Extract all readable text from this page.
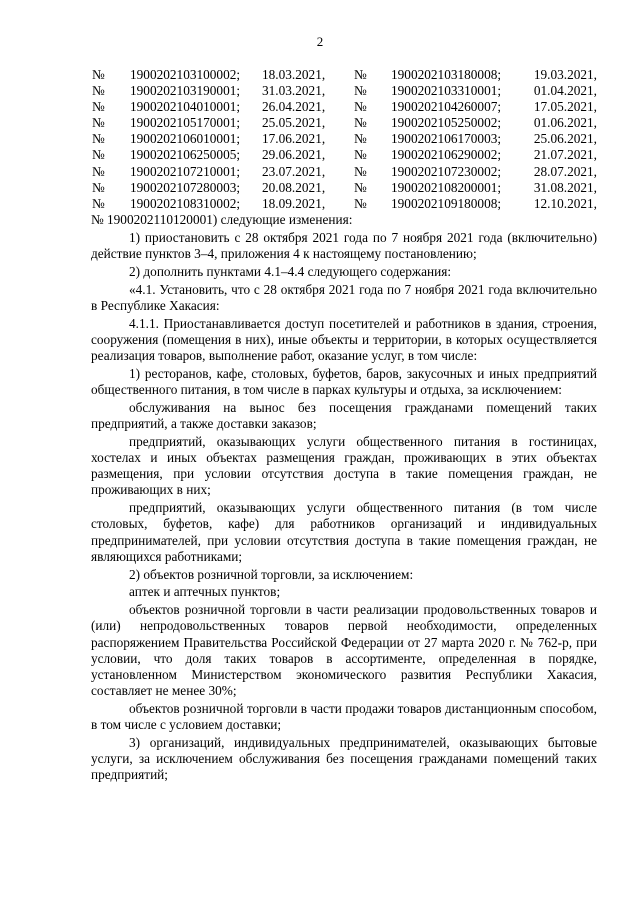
2
№ 1900202103100002; 18.03.2021, № 1900202103180008; 19.03.2021,
№ 1900202103190001; 31.03.2021, № 1900202103310001; 01.04.2021,
№ 1900202104010001; 26.04.2021, № 1900202104260007; 17.05.2021,
№ 1900202105170001; 25.05.2021, № 1900202105250002; 01.06.2021,
№ 1900202106010001; 17.06.2021, № 1900202106170003; 25.06.2021,
№ 1900202106250005; 29.06.2021, № 1900202106290002; 21.07.2021,
№ 1900202107210001; 23.07.2021, № 1900202107230002; 28.07.2021,
№ 1900202107280003; 20.08.2021, № 1900202108200001; 31.08.2021,
№ 1900202108310002; 18.09.2021, № 1900202109180008; 12.10.2021,

№ 1900202110120001) следующие изменения:

1) приостановить с 28 октября 2021 года по 7 ноября 2021 года (включительно) действие пунктов 3–4, приложения 4 к настоящему постановлению;

2) дополнить пунктами 4.1–4.4 следующего содержания:

«4.1. Установить, что с 28 октября 2021 года по 7 ноября 2021 года включительно в Республике Хакасия:

4.1.1. Приостанавливается доступ посетителей и работников в здания, строения, сооружения (помещения в них), иные объекты и территории, в которых осуществляется реализация товаров, выполнение работ, оказание услуг, в том числе:

1) ресторанов, кафе, столовых, буфетов, баров, закусочных и иных предприятий общественного питания, в том числе в парках культуры и отдыха, за исключением:

обслуживания на вынос без посещения гражданами помещений таких предприятий, а также доставки заказов;

предприятий, оказывающих услуги общественного питания в гостиницах, хостелах и иных объектах размещения граждан, проживающих в этих объектах размещения, при условии отсутствия доступа в такие помещения граждан, не проживающих в них;

предприятий, оказывающих услуги общественного питания (в том числе столовых, буфетов, кафе) для работников организаций и индивидуальных предпринимателей, при условии отсутствия доступа в такие помещения граждан, не являющихся работниками;

2) объектов розничной торговли, за исключением:

аптек и аптечных пунктов;

объектов розничной торговли в части реализации продовольственных товаров и (или) непродовольственных товаров первой необходимости, определенных распоряжением Правительства Российской Федерации от 27 марта 2020 г. № 762-р, при условии, что доля таких товаров в ассортименте, определенная в порядке, установленном Министерством экономического развития Республики Хакасия, составляет не менее 30%;

объектов розничной торговли в части продажи товаров дистанционным способом, в том числе с условием доставки;

3) организаций, индивидуальных предпринимателей, оказывающих бытовые услуги, за исключением обслуживания без посещения гражданами помещений таких предприятий;
